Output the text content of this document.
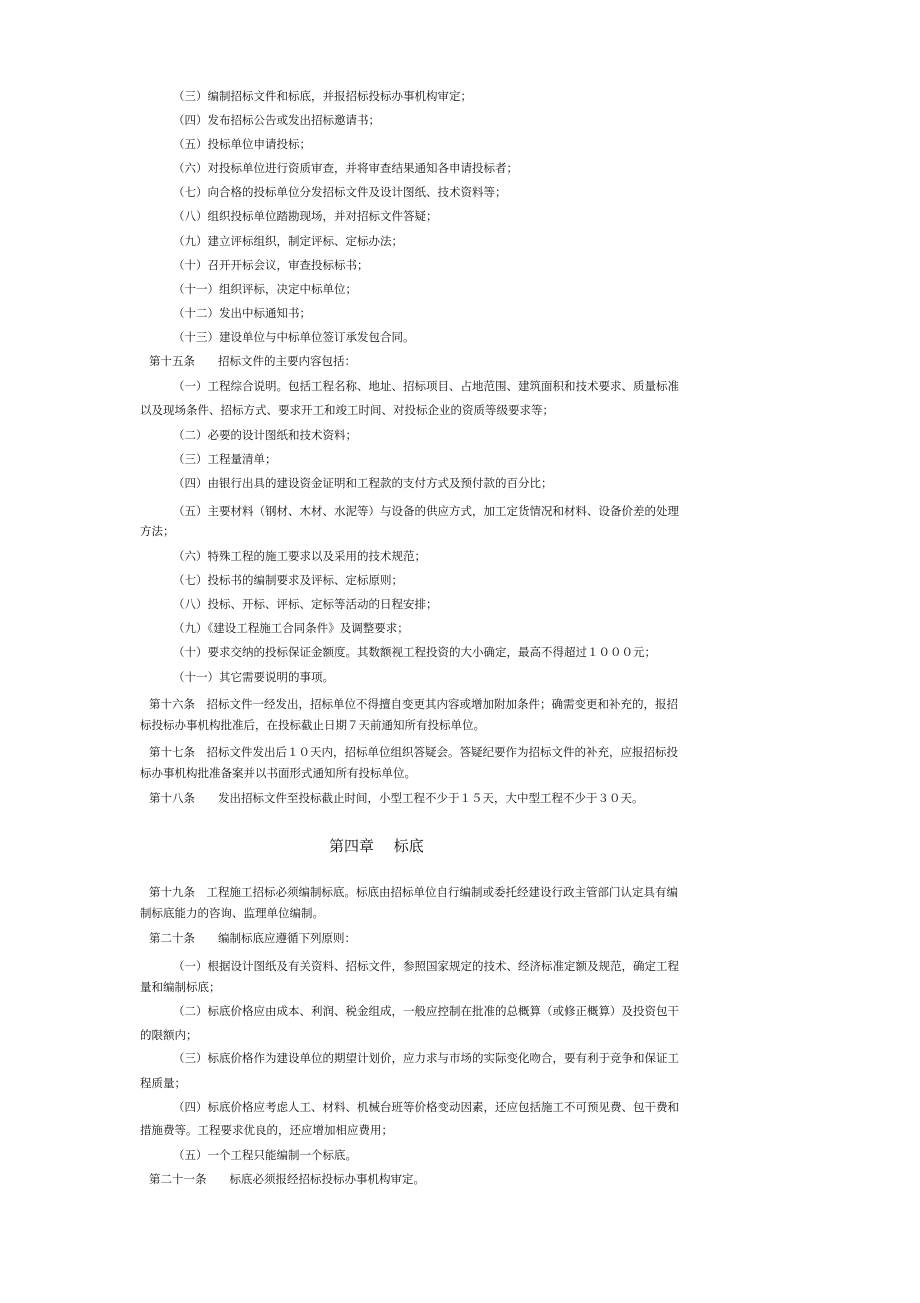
（三）编制招标文件和标底，并报招标投标办事机构审定；
（四）发布招标公告或发出招标邀请书；
（五）投标单位申请投标；
（六）对投标单位进行资质审查，并将审查结果通知各申请投标者；
（七）向合格的投标单位分发招标文件及设计图纸、技术资料等；
（八）组织投标单位踏勘现场，并对招标文件答疑；
（九）建立评标组织，制定评标、定标办法；
（十）召开开标会议，审查投标标书；
（十一）组织评标，决定中标单位；
（十二）发出中标通知书；
（十三）建设单位与中标单位签订承发包合同。
第十五条　　招标文件的主要内容包括：
（一）工程综合说明。包括工程名称、地址、招标项目、占地范围、建筑面积和技术要求、质量标准
以及现场条件、招标方式、要求开工和竣工时间、对投标企业的资质等级要求等；
（二）必要的设计图纸和技术资料；
（三）工程量清单；
（四）由银行出具的建设资金证明和工程款的支付方式及预付款的百分比；
（五）主要材料（钢材、木材、水泥等）与设备的供应方式，加工定货情况和材料、设备价差的处理
方法；
（六）特殊工程的施工要求以及采用的技术规范；
（七）投标书的编制要求及评标、定标原则；
（八）投标、开标、评标、定标等活动的日程安排；
（九）《建设工程施工合同条件》及调整要求；
（十）要求交纳的投标保证金额度。其数额视工程投资的大小确定，最高不得超过１０００元；
（十一）其它需要说明的事项。
第十六条　招标文件一经发出，招标单位不得擅自变更其内容或增加附加条件；确需变更和补充的，报招
标投标办事机构批准后，在投标截止日期７天前通知所有投标单位。
第十七条　招标文件发出后１０天内，招标单位组织答疑会。答疑纪要作为招标文件的补充，应报招标投
标办事机构批准备案并以书面形式通知所有投标单位。
第十八条　　发出招标文件至投标截止时间，小型工程不少于１５天，大中型工程不少于３０天。
第四章　 标底
第十九条　工程施工招标必须编制标底。标底由招标单位自行编制或委托经建设行政主管部门认定具有编
制标底能力的咨询、监理单位编制。
第二十条　　编制标底应遵循下列原则：
（一）根据设计图纸及有关资料、招标文件，参照国家规定的技术、经济标准定额及规范，确定工程
量和编制标底；
（二）标底价格应由成本、利润、税金组成，一般应控制在批准的总概算（或修正概算）及投资包干
的限额内；
（三）标底价格作为建设单位的期望计划价，应力求与市场的实际变化吻合，要有利于竞争和保证工
程质量；
（四）标底价格应考虑人工、材料、机械台班等价格变动因素，还应包括施工不可预见费、包干费和
措施费等。工程要求优良的，还应增加相应费用；
（五）一个工程只能编制一个标底。
第二十一条　　标底必须报经招标投标办事机构审定。
